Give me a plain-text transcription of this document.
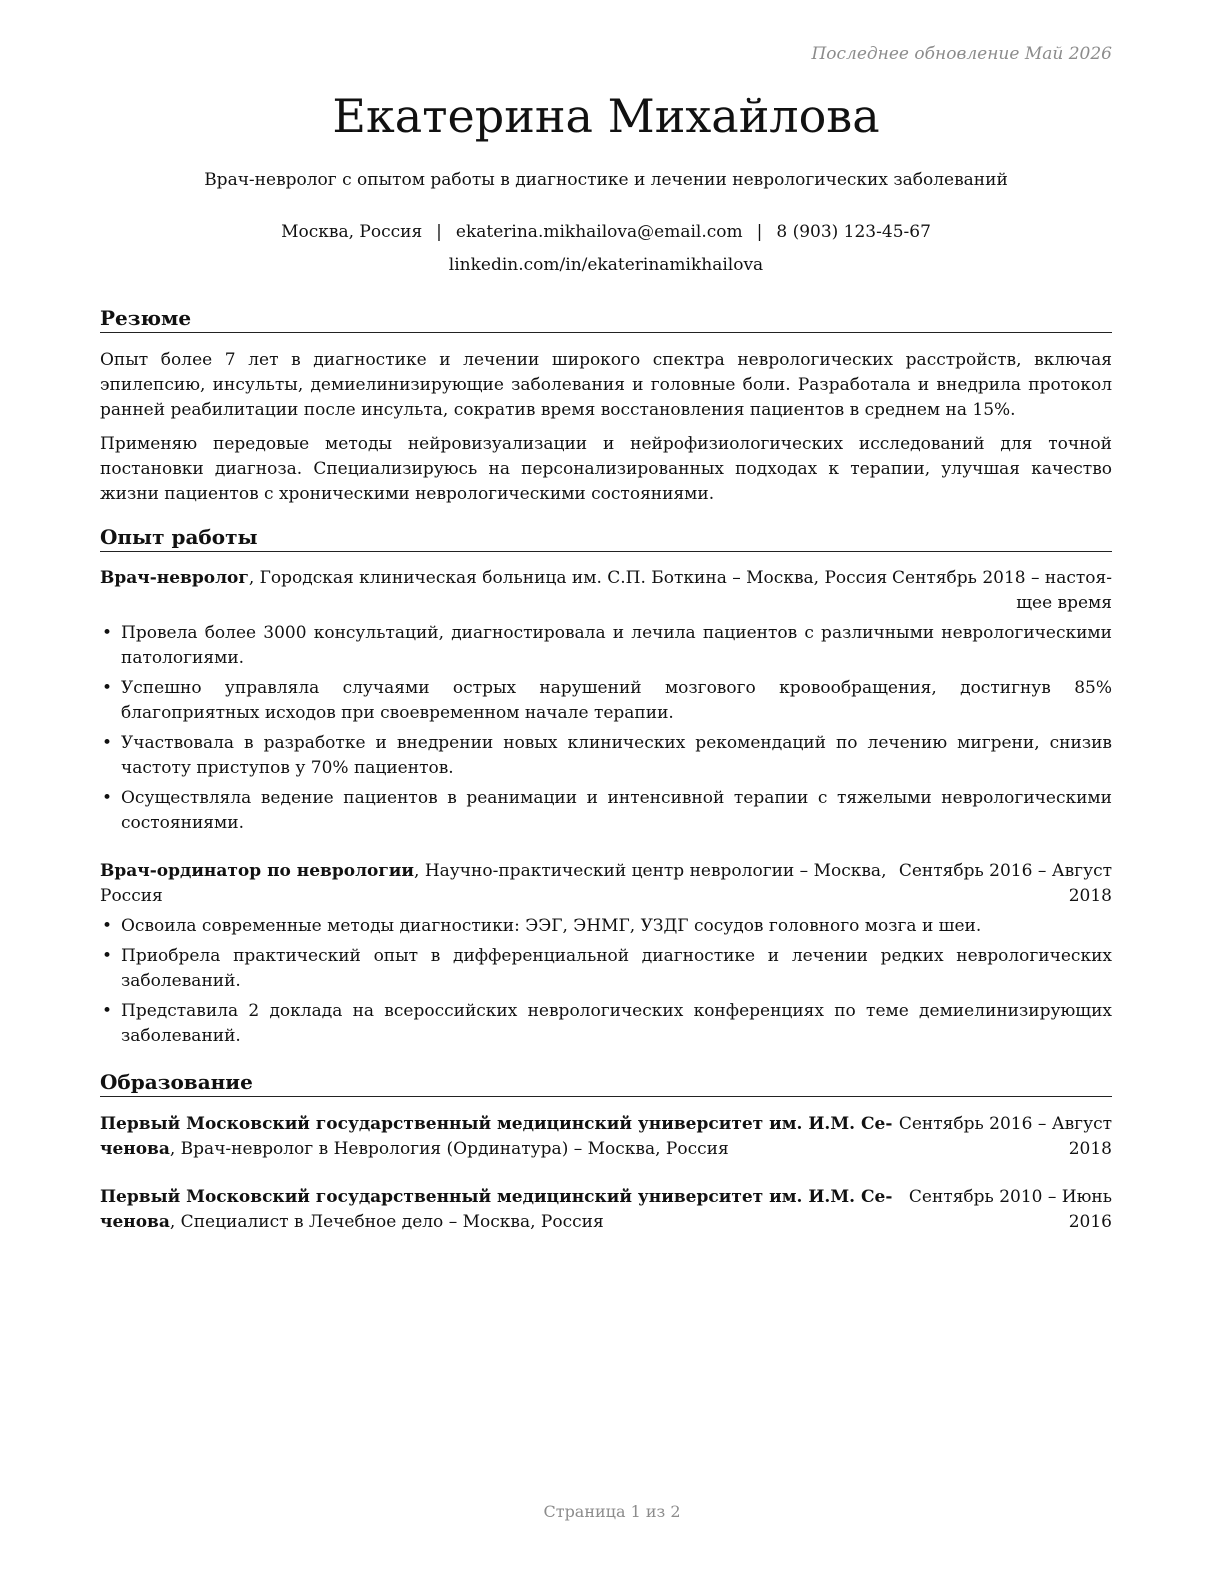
Последнее обновление Май 2026
Екатерина Михайлова
Врач-невролог с опытом работы в диагностике и лечении неврологических заболеваний
Москва, Россия | ekaterina.mikhailova@email.com | 8 (903) 123-45-67
linkedin.com/in/ekaterinamikhailova
Резюме

Опыт более 7 лет в диагностике и лечении широкого спектра неврологических расстройств, включая эпилепсию, инсульты, демиелинизирующие заболевания и головные боли. Разработала и внедрила протокол ранней реабилитации после инсульта, сократив время восстановления пациентов в среднем на 15%.

Применяю передовые методы нейровизуализации и нейрофизиологических исследований для точной постановки диагноза. Специализируюсь на персонализированных подходах к терапии, улучшая качество жизни пациентов с хроническими неврологическими состояниями.

Опыт работы
Врач-невролог, Городская клиническая больница им. С.П. Боткина – Москва, Россия Сентябрь 2018 – настоя-
щее время
• Провела более 3000 консультаций, диагностировала и лечила пациентов с различными неврологическими патологиями.
• Успешно управляла случаями острых нарушений мозгового кровообращения, достигнув 85% благоприятных исходов при своевременном начале терапии.
• Участвовала в разработке и внедрении новых клинических рекомендаций по лечению мигрени, снизив частоту приступов у 70% пациентов.
• Осуществляла ведение пациентов в реанимации и интенсивной терапии с тяжелыми неврологическими состояниями.
Врач-ординатор по неврологии, Научно-практический центр неврологии – Москва,
Россия
Сентябрь 2016 – Август
2018
• Освоила современные методы диагностики: ЭЭГ, ЭНМГ, УЗДГ сосудов головного мозга и шеи.
• Приобрела практический опыт в дифференциальной диагностике и лечении редких неврологических заболеваний.
• Представила 2 доклада на всероссийских неврологических конференциях по теме демиелинизирующих заболеваний.
Образование
Первый Московский государственный медицинский университет им. И.М. Се-
ченова, Врач-невролог в Неврология (Ординатура) – Москва, Россия
Сентябрь 2016 – Август
2018
Первый Московский государственный медицинский университет им. И.М. Се-
ченова, Специалист в Лечебное дело – Москва, Россия
Сентябрь 2010 – Июнь
2016
Страница 1 из 2
